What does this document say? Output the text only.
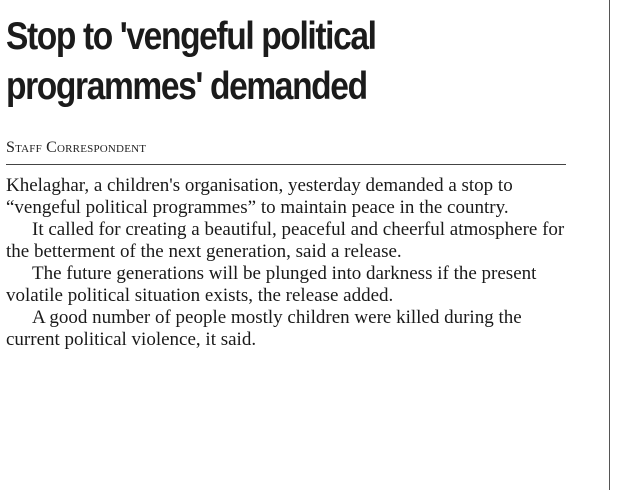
Stop to 'vengeful political
programmes' demanded
Staff Correspondent

Khelaghar, a children's organisation, yesterday demanded a stop to “vengeful political programmes” to maintain peace in the country.

It called for creating a beautiful, peaceful and cheerful atmosphere for the betterment of the next generation, said a release.

The future generations will be plunged into darkness if the present volatile political situation exists, the release added.

A good number of people mostly children were killed during the current political violence, it said.
